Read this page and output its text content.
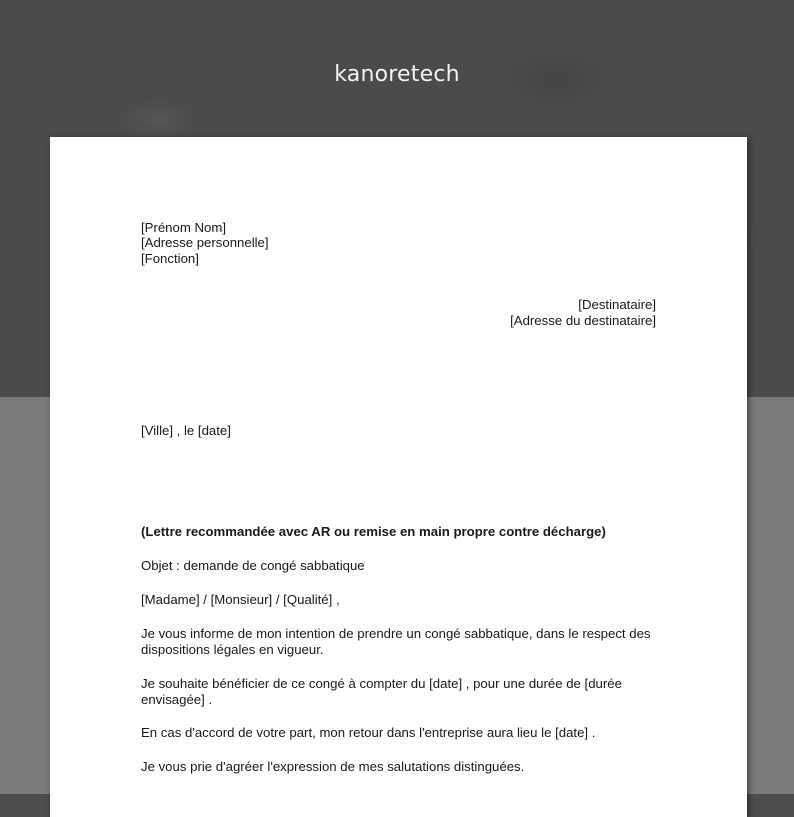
kanoretech
[Prénom Nom]
[Adresse personnelle]
[Fonction]
[Destinataire]
[Adresse du destinataire]
[Ville] , le [date]
(Lettre recommandée avec AR ou remise en main propre contre décharge)
Objet : demande de congé sabbatique
[Madame] / [Monsieur] / [Qualité] ,
Je vous informe de mon intention de prendre un congé sabbatique, dans le respect des dispositions légales en vigueur.
Je souhaite bénéficier de ce congé à compter du [date] , pour une durée de [durée envisagée] .
En cas d'accord de votre part, mon retour dans l'entreprise aura lieu le [date] .
Je vous prie d'agréer l'expression de mes salutations distinguées.
